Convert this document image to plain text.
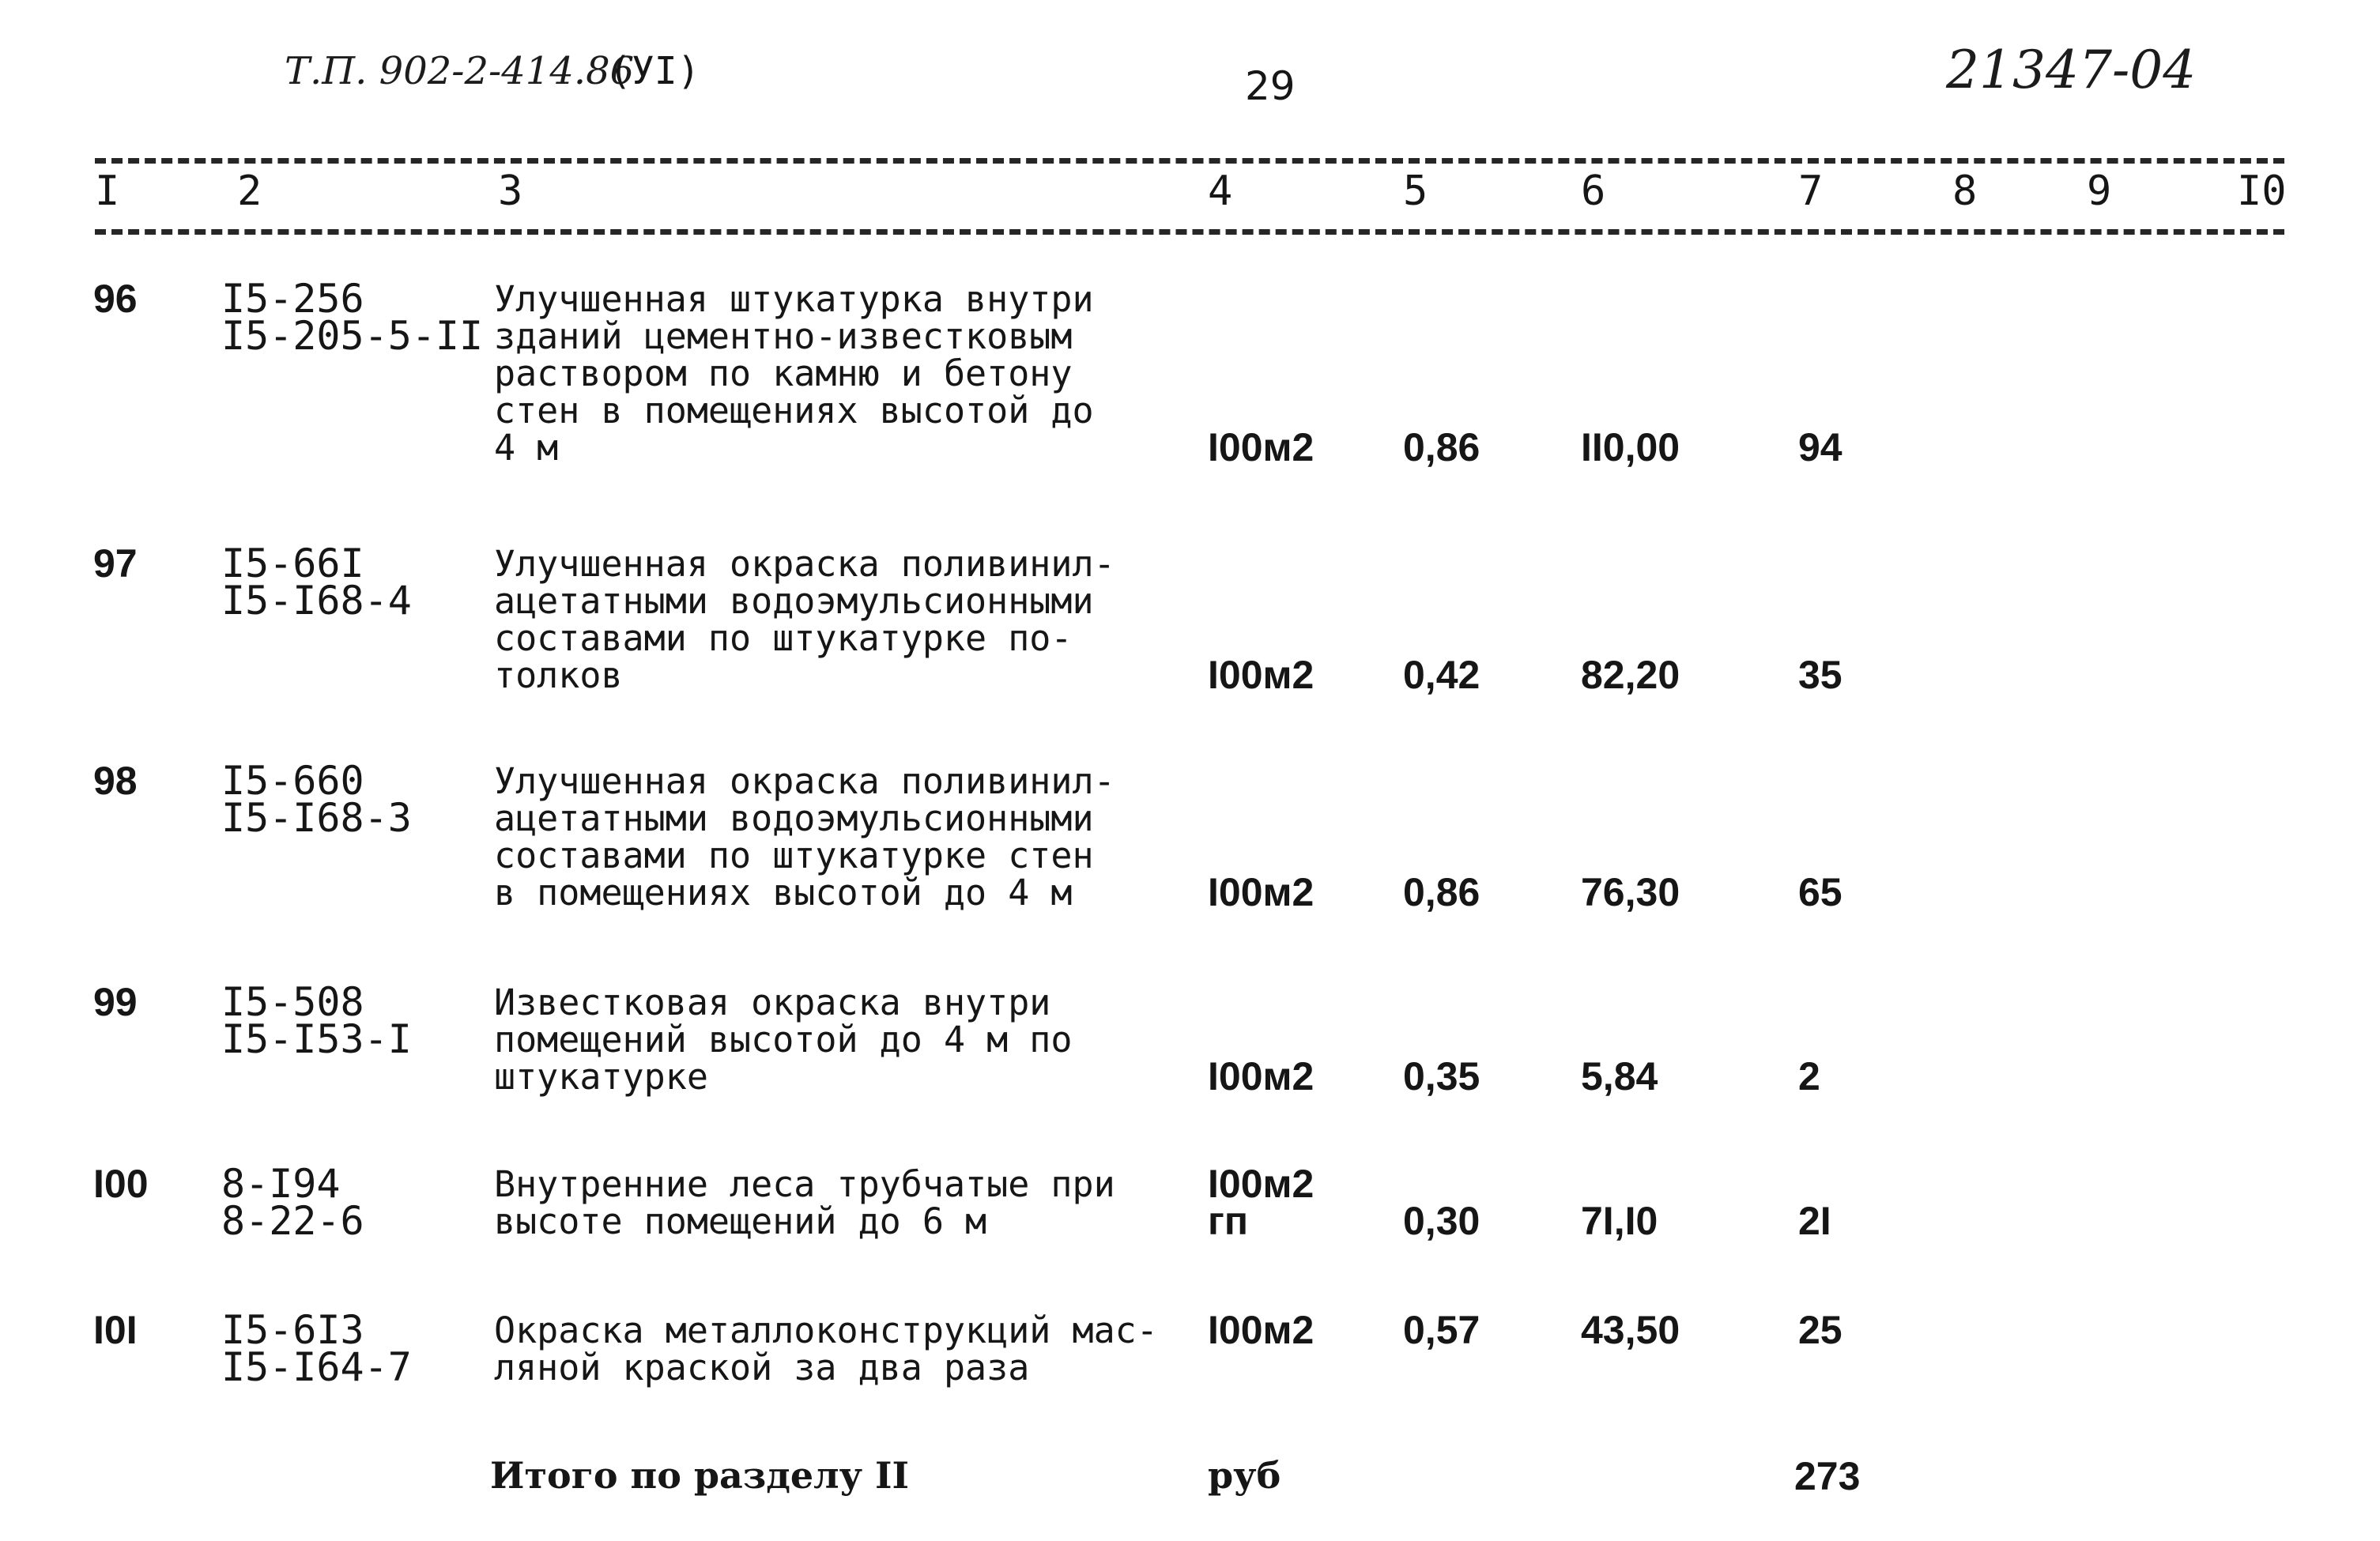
Т.П. 902-2-414.86
(УI)	29	21347-04
I	2	3	4	5	6	7	8	9	I0
96 I5-256
I5-205-5-II
Улучшенная штукатурка внутри
зданий цементно-известковым
раствором по камню и бетону
стен в помещениях высотой до
4 м	I00м2 0,86	II0,00	94
97 I5-66I
I5-I68-4
Улучшенная окраска поливинил-
ацетатными водоэмульсионными
составами по штукатурке по-
толков	I00м2 0,42	82,20	35
98 I5-660
I5-I68-3
Улучшенная окраска поливинил-
ацетатными водоэмульсионными
составами по штукатурке стен
в помещениях высотой до 4 м	I00м2 0,86	76,30	65
99 I5-508
I5-I53-I
Известковая окраска внутри
помещений высотой до 4 м по
штукатурке	I00м2 0,35	5,84	2
I00 8-I94
8-22-6
Внутренние леса трубчатые при
высоте помещений до 6 м
I00м2
гп	0,30	7I,I0	2I
I0I I5-6I3
I5-I64-7
Окраска металлоконструкций мас-
ляной краской за два раза
I00м2 0,57	43,50	25
Итого по разделу II	руб	273
